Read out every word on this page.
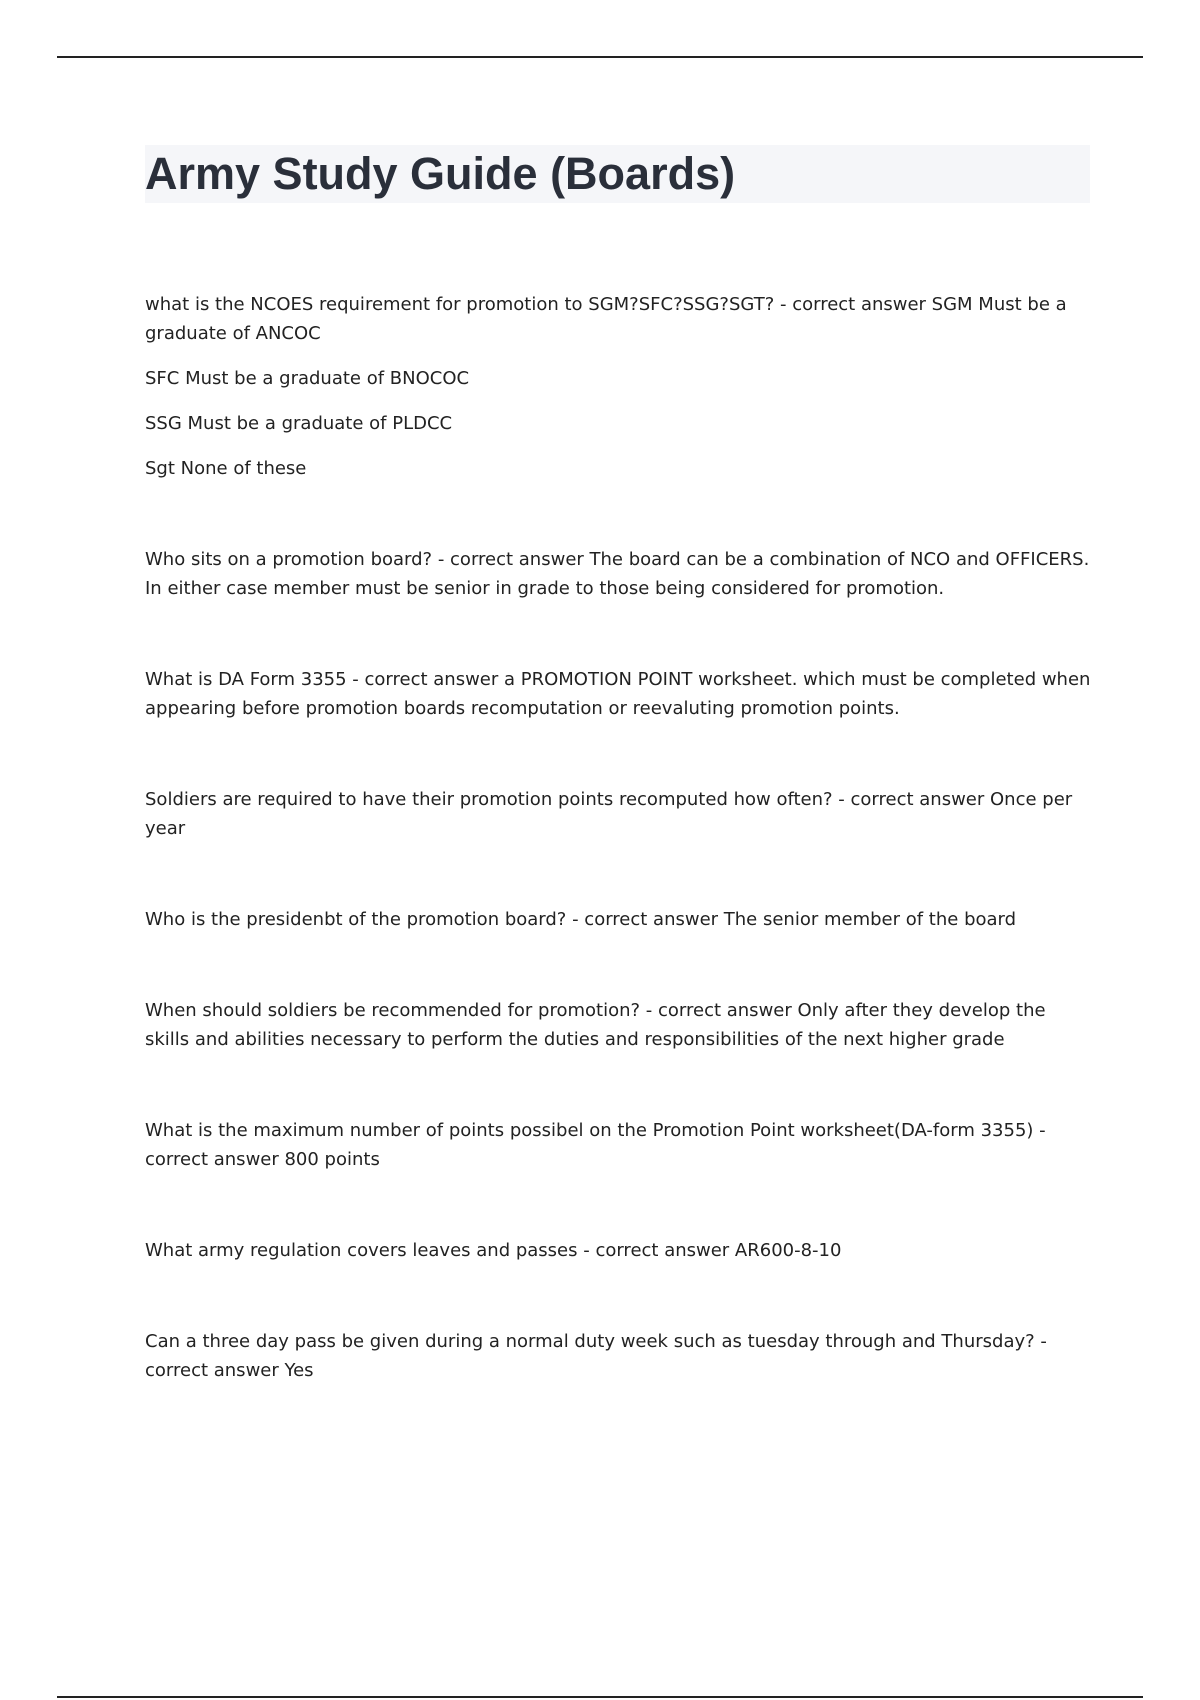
Army Study Guide (Boards)

what is the NCOES requirement for promotion to SGM?SFC?SSG?SGT? - correct answer SGM Must be a graduate of ANCOC

SFC Must be a graduate of BNOCOC

SSG Must be a graduate of PLDCC

Sgt None of these

Who sits on a promotion board? - correct answer The board can be a combination of NCO and OFFICERS. In either case member must be senior in grade to those being considered for promotion.

What is DA Form 3355 - correct answer a PROMOTION POINT worksheet. which must be completed when appearing before promotion boards recomputation or reevaluting promotion points.

Soldiers are required to have their promotion points recomputed how often? - correct answer Once per year

Who is the presidenbt of the promotion board? - correct answer The senior member of the board

When should soldiers be recommended for promotion? - correct answer Only after they develop the skills and abilities necessary to perform the duties and responsibilities of the next higher grade

What is the maximum number of points possibel on the Promotion Point worksheet(DA-form 3355) - correct answer 800 points

What army regulation covers leaves and passes - correct answer AR600-8-10

Can a three day pass be given during a normal duty week such as tuesday through and Thursday? - correct answer Yes
